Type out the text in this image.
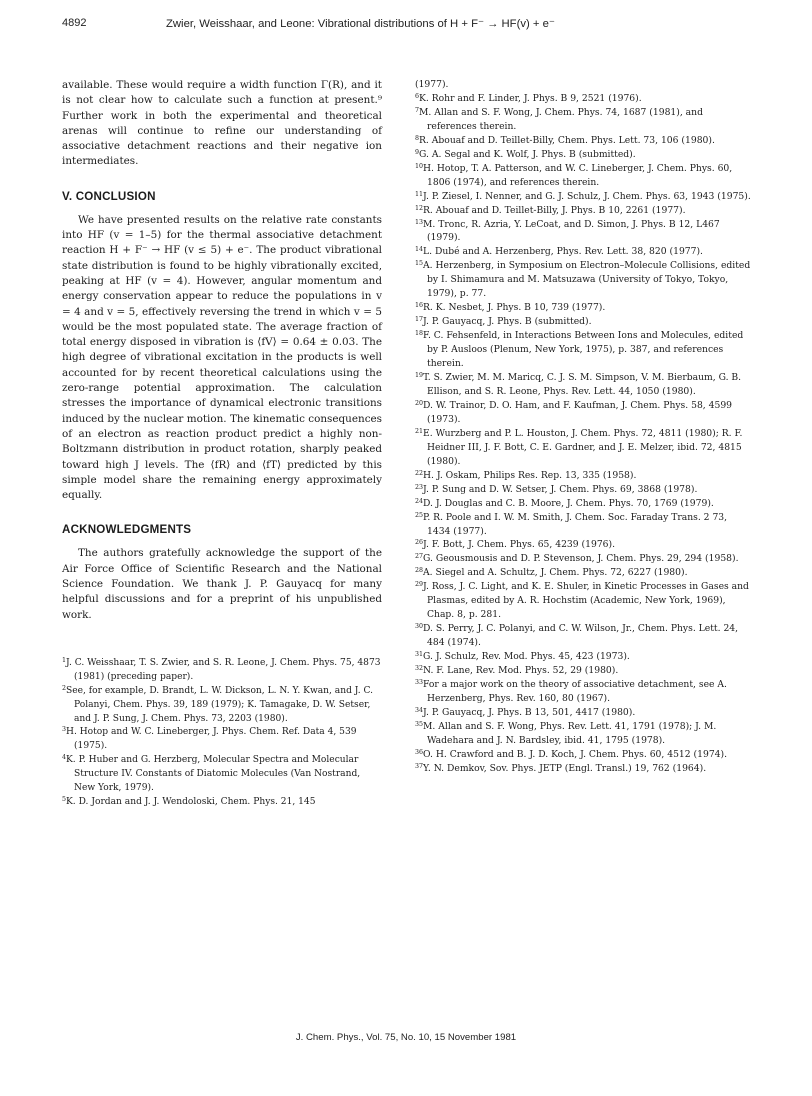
4892	Zwier, Weisshaar, and Leone: Vibrational distributions of H + F⁻ → HF(v) + e⁻

available. These would require a width function Γ(R), and it is not clear how to calculate such a function at present.⁹ Further work in both the experimental and theoretical arenas will continue to refine our understanding of associative detachment reactions and their negative ion intermediates.

V. CONCLUSION

We have presented results on the relative rate constants into HF (v = 1–5) for the thermal associative detachment reaction H + F⁻ → HF (v ≤ 5) + e⁻. The product vibrational state distribution is found to be highly vibrationally excited, peaking at HF (v = 4). However, angular momentum and energy conservation appear to reduce the populations in v = 4 and v = 5, effectively reversing the trend in which v = 5 would be the most populated state. The average fraction of total energy disposed in vibration is ⟨fV⟩ = 0.64 ± 0.03. The high degree of vibrational excitation in the products is well accounted for by recent theoretical calculations using the zero-range potential approximation. The calculation stresses the importance of dynamical electronic transitions induced by the nuclear motion. The kinematic consequences of an electron as reaction product predict a highly non-Boltzmann distribution in product rotation, sharply peaked toward high J levels. The ⟨fR⟩ and ⟨fT⟩ predicted by this simple model share the remaining energy approximately equally.

ACKNOWLEDGMENTS

The authors gratefully acknowledge the support of the Air Force Office of Scientific Research and the National Science Foundation. We thank J. P. Gauyacq for many helpful discussions and for a preprint of his unpublished work.

$^1$J. C. Weisshaar, T. S. Zwier, and S. R. Leone, J. Chem. Phys. 75, 4873 (1981) (preceding paper).

$^2$See, for example, D. Brandt, L. W. Dickson, L. N. Y. Kwan, and J. C. Polanyi, Chem. Phys. 39, 189 (1979); K. Tamagake, D. W. Setser, and J. P. Sung, J. Chem. Phys. 73, 2203 (1980).

$^3$H. Hotop and W. C. Lineberger, J. Phys. Chem. Ref. Data 4, 539 (1975).

$^4$K. P. Huber and G. Herzberg, Molecular Spectra and Molecular Structure IV. Constants of Diatomic Molecules (Van Nostrand, New York, 1979).

$^5$K. D. Jordan and J. J. Wendoloski, Chem. Phys. 21, 145

(1977).

$^6$K. Rohr and F. Linder, J. Phys. B 9, 2521 (1976).

$^7$M. Allan and S. F. Wong, J. Chem. Phys. 74, 1687 (1981), and references therein.

$^8$R. Abouaf and D. Teillet-Billy, Chem. Phys. Lett. 73, 106 (1980).

$^9$G. A. Segal and K. Wolf, J. Phys. B (submitted).

$^{10}$H. Hotop, T. A. Patterson, and W. C. Lineberger, J. Chem. Phys. 60, 1806 (1974), and references therein.

$^{11}$J. P. Ziesel, I. Nenner, and G. J. Schulz, J. Chem. Phys. 63, 1943 (1975).

$^{12}$R. Abouaf and D. Teillet-Billy, J. Phys. B 10, 2261 (1977).

$^{13}$M. Tronc, R. Azria, Y. LeCoat, and D. Simon, J. Phys. B 12, L467 (1979).

$^{14}$L. Dubé and A. Herzenberg, Phys. Rev. Lett. 38, 820 (1977).

$^{15}$A. Herzenberg, in Symposium on Electron–Molecule Collisions, edited by I. Shimamura and M. Matsuzawa (University of Tokyo, Tokyo, 1979), p. 77.

$^{16}$R. K. Nesbet, J. Phys. B 10, 739 (1977).

$^{17}$J. P. Gauyacq, J. Phys. B (submitted).

$^{18}$F. C. Fehsenfeld, in Interactions Between Ions and Molecules, edited by P. Ausloos (Plenum, New York, 1975), p. 387, and references therein.

$^{19}$T. S. Zwier, M. M. Maricq, C. J. S. M. Simpson, V. M. Bierbaum, G. B. Ellison, and S. R. Leone, Phys. Rev. Lett. 44, 1050 (1980).

$^{20}$D. W. Trainor, D. O. Ham, and F. Kaufman, J. Chem. Phys. 58, 4599 (1973).

$^{21}$E. Wurzberg and P. L. Houston, J. Chem. Phys. 72, 4811 (1980); R. F. Heidner III, J. F. Bott, C. E. Gardner, and J. E. Melzer, ibid. 72, 4815 (1980).

$^{22}$H. J. Oskam, Philips Res. Rep. 13, 335 (1958).

$^{23}$J. P. Sung and D. W. Setser, J. Chem. Phys. 69, 3868 (1978).

$^{24}$D. J. Douglas and C. B. Moore, J. Chem. Phys. 70, 1769 (1979).

$^{25}$P. R. Poole and I. W. M. Smith, J. Chem. Soc. Faraday Trans. 2 73, 1434 (1977).

$^{26}$J. F. Bott, J. Chem. Phys. 65, 4239 (1976).

$^{27}$G. Geousmousis and D. P. Stevenson, J. Chem. Phys. 29, 294 (1958).

$^{28}$A. Siegel and A. Schultz, J. Chem. Phys. 72, 6227 (1980).

$^{29}$J. Ross, J. C. Light, and K. E. Shuler, in Kinetic Processes in Gases and Plasmas, edited by A. R. Hochstim (Academic, New York, 1969), Chap. 8, p. 281.

$^{30}$D. S. Perry, J. C. Polanyi, and C. W. Wilson, Jr., Chem. Phys. Lett. 24, 484 (1974).

$^{31}$G. J. Schulz, Rev. Mod. Phys. 45, 423 (1973).

$^{32}$N. F. Lane, Rev. Mod. Phys. 52, 29 (1980).

$^{33}$For a major work on the theory of associative detachment, see A. Herzenberg, Phys. Rev. 160, 80 (1967).

$^{34}$J. P. Gauyacq, J. Phys. B 13, 501, 4417 (1980).

$^{35}$M. Allan and S. F. Wong, Phys. Rev. Lett. 41, 1791 (1978); J. M. Wadehara and J. N. Bardsley, ibid. 41, 1795 (1978).

$^{36}$O. H. Crawford and B. J. D. Koch, J. Chem. Phys. 60, 4512 (1974).

$^{37}$Y. N. Demkov, Sov. Phys. JETP (Engl. Transl.) 19, 762 (1964).

J. Chem. Phys., Vol. 75, No. 10, 15 November 1981
